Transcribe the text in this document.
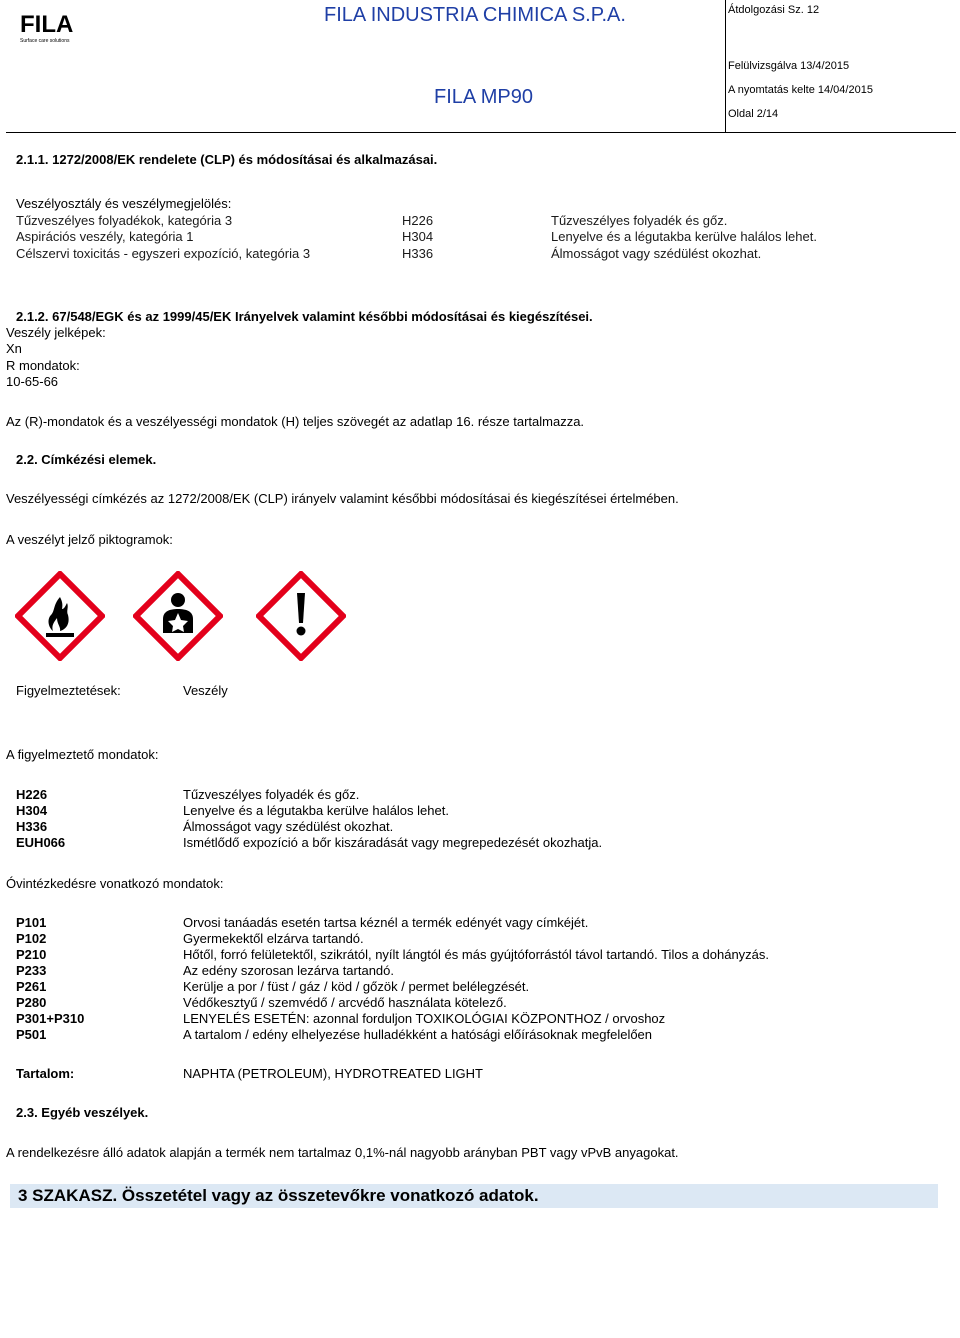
FILA
Surface care solutions
FILA INDUSTRIA CHIMICA S.P.A.
FILA MP90
Átdolgozási Sz. 12
Felülvizsgálva 13/4/2015
A nyomtatás kelte 14/04/2015
Oldal 2/14
2.1.1. 1272/2008/EK rendelete (CLP) és módosításai és alkalmazásai.
Veszélyosztály és veszélymegjelölés:
Tűzveszélyes folyadékok, kategória 3	H226	Tűzveszélyes folyadék és gőz.
Aspirációs veszély, kategória 1	H304	Lenyelve és a légutakba kerülve halálos lehet.
Célszervi toxicitás - egyszeri expozíció, kategória 3	H336	Álmosságot vagy szédülést okozhat.
2.1.2. 67/548/EGK és az 1999/45/EK Irányelvek valamint későbbi módosításai és kiegészítései.
Veszély jelképek:
Xn
R mondatok:
10-65-66
Az (R)-mondatok és a veszélyességi mondatok (H) teljes szövegét az adatlap 16. része tartalmazza.
2.2. Címkézési elemek.
Veszélyességi címkézés az 1272/2008/EK (CLP) irányelv valamint későbbi módosításai és kiegészítései értelmében.
A veszélyt jelző piktogramok:
Figyelmeztetések:	Veszély
A figyelmeztető mondatok:
H226	Tűzveszélyes folyadék és gőz.
H304	Lenyelve és a légutakba kerülve halálos lehet.
H336	Álmosságot vagy szédülést okozhat.
EUH066	Ismétlődő expozíció a bőr kiszáradását vagy megrepedezését okozhatja.
Óvintézkedésre vonatkozó mondatok:
P101	Orvosi tanáadás esetén tartsa kéznél a termék edényét vagy címkéjét.
P102	Gyermekektől elzárva tartandó.
P210	Hőtől, forró felületektől, szikrától, nyílt lángtól és más gyújtóforrástól távol tartandó. Tilos a dohányzás.
P233	Az edény szorosan lezárva tartandó.
P261	Kerülje a por / füst / gáz / köd / gőzök / permet belélegzését.
P280	Védőkesztyű / szemvédő / arcvédő használata kötelező.
P301+P310	LENYELÉS ESETÉN: azonnal forduljon TOXIKOLÓGIAI KÖZPONTHOZ / orvoshoz
P501	A tartalom / edény elhelyezése hulladékként a hatósági előírásoknak megfelelően
Tartalom:	NAPHTA (PETROLEUM), HYDROTREATED LIGHT
2.3. Egyéb veszélyek.
A rendelkezésre álló adatok alapján a termék nem tartalmaz 0,1%-nál nagyobb arányban PBT vagy vPvB anyagokat.
3 SZAKASZ. Összetétel vagy az összetevőkre vonatkozó adatok.
